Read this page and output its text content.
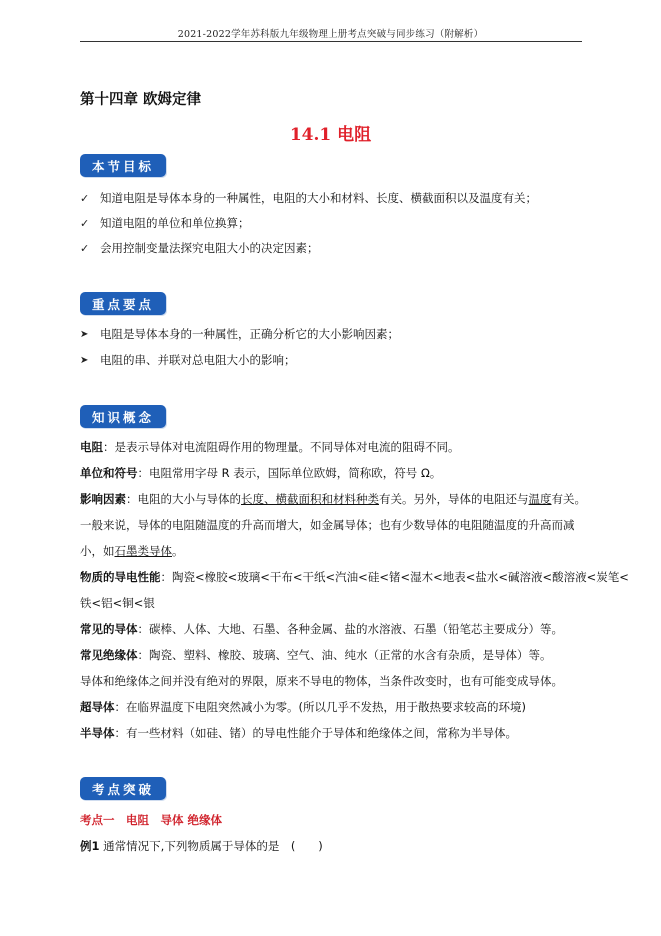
2021-2022学年苏科版九年级物理上册考点突破与同步练习（附解析）
第十四章 欧姆定律
14.1 电阻
本节目标
✓ 知道电阻是导体本身的一种属性，电阻的大小和材料、长度、横截面积以及温度有关；
✓ 知道电阻的单位和单位换算；
✓ 会用控制变量法探究电阻大小的决定因素；
重点要点
➤	电阻是导体本身的一种属性，正确分析它的大小影响因素；
➤	电阻的串、并联对总电阻大小的影响；
知识概念
电阻：是表示导体对电流阻碍作用的物理量。不同导体对电流的阻碍不同。
单位和符号：电阻常用字母 R 表示，国际单位欧姆，简称欧，符号 Ω。
影响因素：电阻的大小与导体的长度、横截面积和材料种类有关。另外，导体的电阻还与温度有关。
一般来说，导体的电阻随温度的升高而增大，如金属导体；也有少数导体的电阻随温度的升高而减
小，如石墨类导体。
物质的导电性能：陶瓷<橡胶<玻璃<干布<干纸<汽油<硅<锗<湿木<地表<盐水<碱溶液<酸溶液<炭笔<
铁<铝<铜<银
常见的导体：碳棒、人体、大地、石墨、各种金属、盐的水溶液、石墨（铅笔芯主要成分）等。
常见绝缘体：陶瓷、塑料、橡胶、玻璃、空气、油、纯水（正常的水含有杂质，是导体）等。
导体和绝缘体之间并没有绝对的界限，原来不导电的物体，当条件改变时，也有可能变成导体。
超导体：在临界温度下电阻突然减小为零。(所以几乎不发热，用于散热要求较高的环境)
半导体：有一些材料（如硅、锗）的导电性能介于导体和绝缘体之间，常称为半导体。
考点突破
考点一　电阻　导体 绝缘体
例1 通常情况下,下列物质属于导体的是　(　　)
